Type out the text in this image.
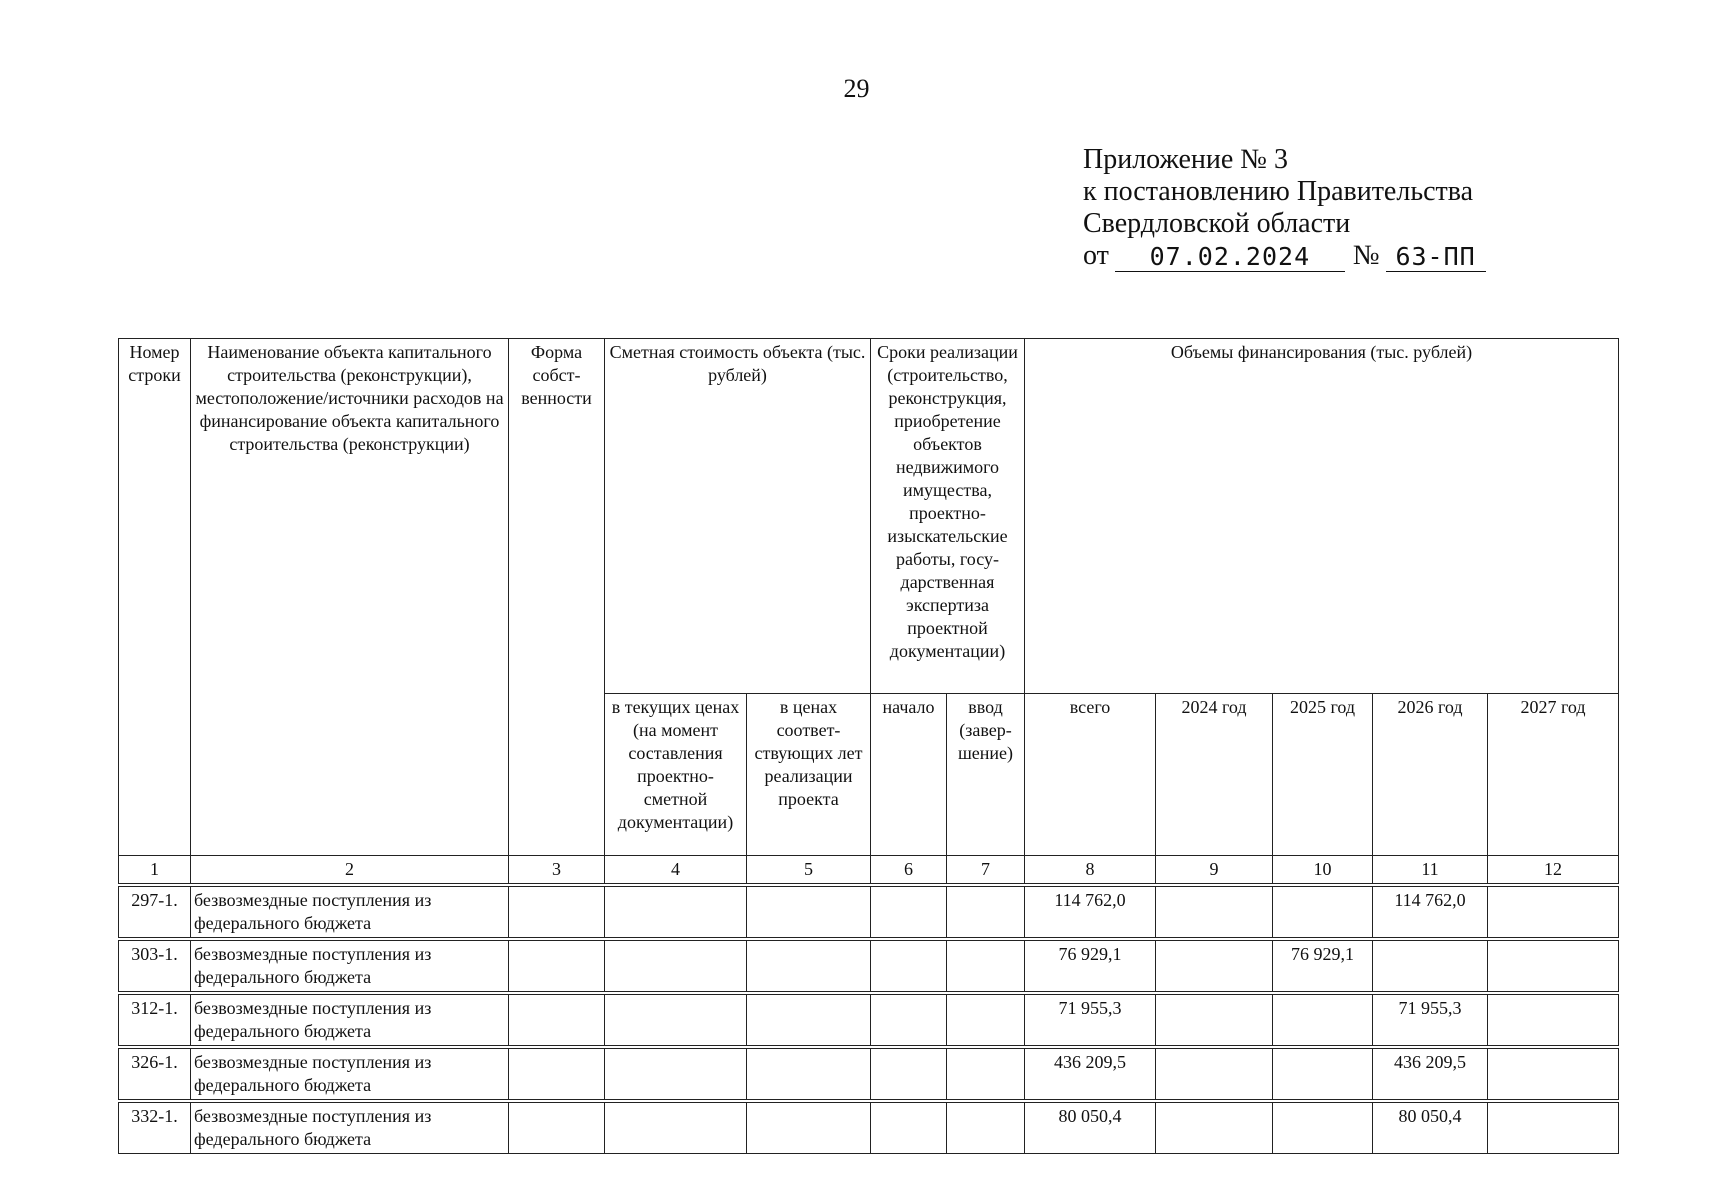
29
Приложение № 3
к постановлению Правительства
Свердловской области
от	07.02.2024	№ 63-ПП
Номер строки	Наименование объекта капитального строительства (реконструкции), местоположение/источники расходов на финансирование объекта капитального строительства (реконструкции)	Форма собст-венности	Сметная стоимость объекта (тыс. рублей)		Сроки реализации (строительство, реконструкция, приобретение объектов недвижимого имущества, проектно-изыскательские работы, госу-дарственная экспертиза проектной документации)		Объемы финансирования (тыс. рублей)				
			в текущих ценах (на момент составления проектно-сметной документации)	в ценах соответ-ствующих лет реализации проекта	начало	ввод (завер-шение)	всего	2024 год	2025 год	2026 год	2027 год
1	2	3	4	5	6	7	8	9	10	11	12

297-1.	безвозмездные поступления из федерального бюджета						114 762,0			114 762,0	

303-1.	безвозмездные поступления из федерального бюджета						76 929,1		76 929,1		

312-1.	безвозмездные поступления из федерального бюджета						71 955,3			71 955,3	

326-1.	безвозмездные поступления из федерального бюджета						436 209,5			436 209,5	

332-1.	безвозмездные поступления из федерального бюджета						80 050,4			80 050,4	
